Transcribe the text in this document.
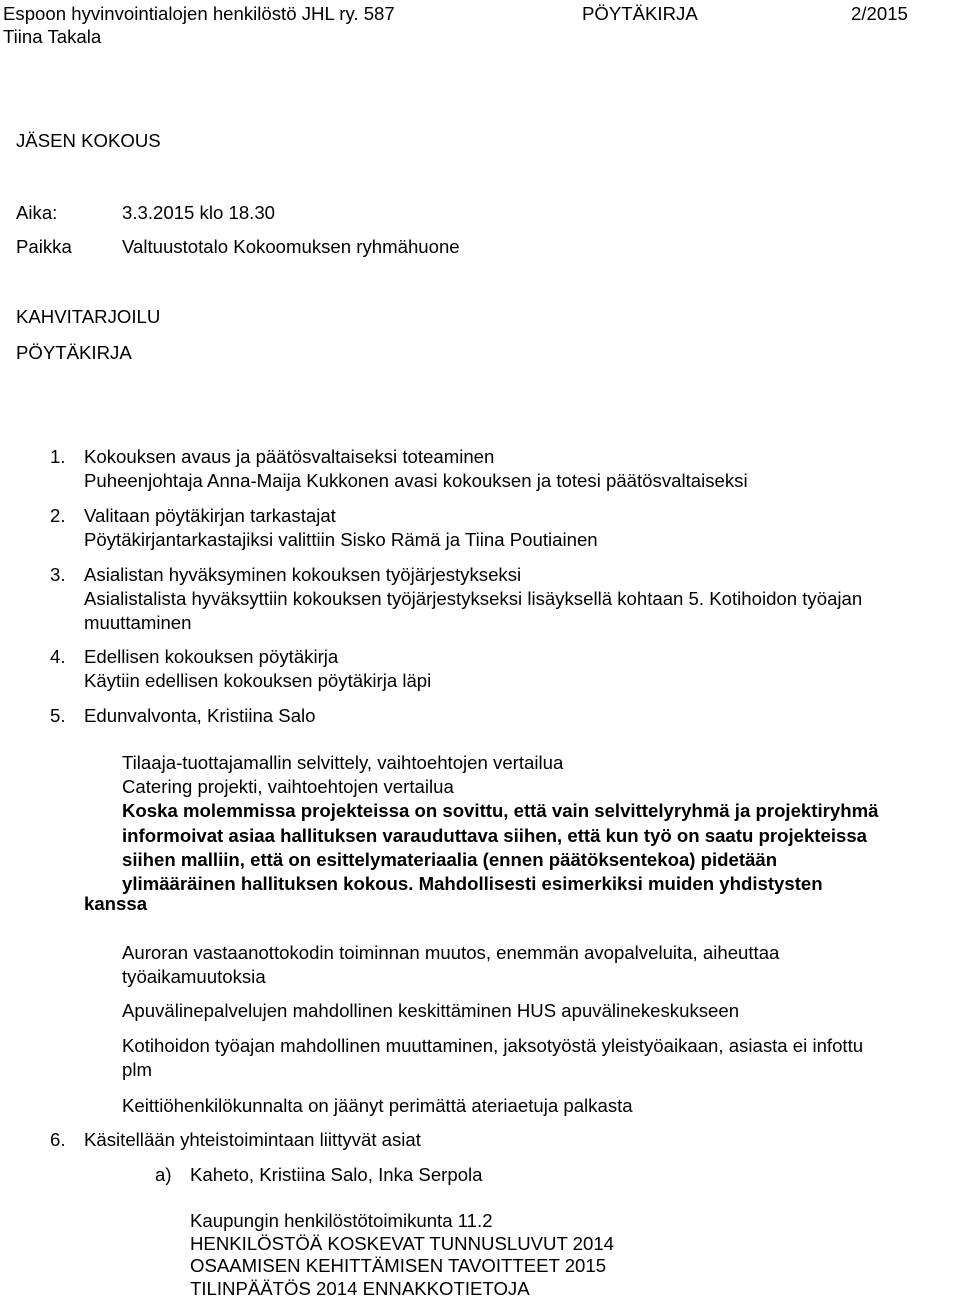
Espoon hyvinvointialojen henkilöstö JHL ry. 587	PÖYTÄKIRJA	2/2015
Tiina Takala
JÄSEN KOKOUS
Aika:	3.3.2015 klo 18.30
Paikka	Valtuustotalo Kokoomuksen ryhmähuone
KAHVITARJOILU
PÖYTÄKIRJA
1. Kokouksen avaus ja päätösvaltaiseksi toteaminen
Puheenjohtaja Anna-Maija Kukkonen avasi kokouksen ja totesi päätösvaltaiseksi
2. Valitaan pöytäkirjan tarkastajat
Pöytäkirjantarkastajiksi valittiin Sisko Rämä ja Tiina Poutiainen
3. Asialistan hyväksyminen kokouksen työjärjestykseksi
Asialistalista hyväksyttiin kokouksen työjärjestykseksi lisäyksellä kohtaan 5. Kotihoidon työajan
muuttaminen
4. Edellisen kokouksen pöytäkirja
Käytiin edellisen kokouksen pöytäkirja läpi
5. Edunvalvonta, Kristiina Salo
Tilaaja-tuottajamallin selvittely, vaihtoehtojen vertailua
Catering projekti, vaihtoehtojen vertailua
Koska molemmissa projekteissa on sovittu, että vain selvittelyryhmä ja projektiryhmä
informoivat asiaa hallituksen varauduttava siihen, että kun työ on saatu projekteissa
siihen malliin, että on esittelymateriaalia (ennen päätöksentekoa) pidetään
ylimääräinen hallituksen kokous. Mahdollisesti esimerkiksi muiden yhdistysten
kanssa
Auroran vastaanottokodin toiminnan muutos, enemmän avopalveluita, aiheuttaa
työaikamuutoksia
Apuvälinepalvelujen mahdollinen keskittäminen HUS apuvälinekeskukseen
Kotihoidon työajan mahdollinen muuttaminen, jaksotyöstä yleistyöaikaan, asiasta ei infottu
plm
Keittiöhenkilökunnalta on jäänyt perimättä ateriaetuja palkasta
6. Käsitellään yhteistoimintaan liittyvät asiat
a) Kaheto, Kristiina Salo, Inka Serpola
Kaupungin henkilöstötoimikunta 11.2
HENKILÖSTÖÄ KOSKEVAT TUNNUSLUVUT 2014
OSAAMISEN KEHITTÄMISEN TAVOITTEET 2015
TILINPÄÄTÖS 2014 ENNAKKOTIETOJA
